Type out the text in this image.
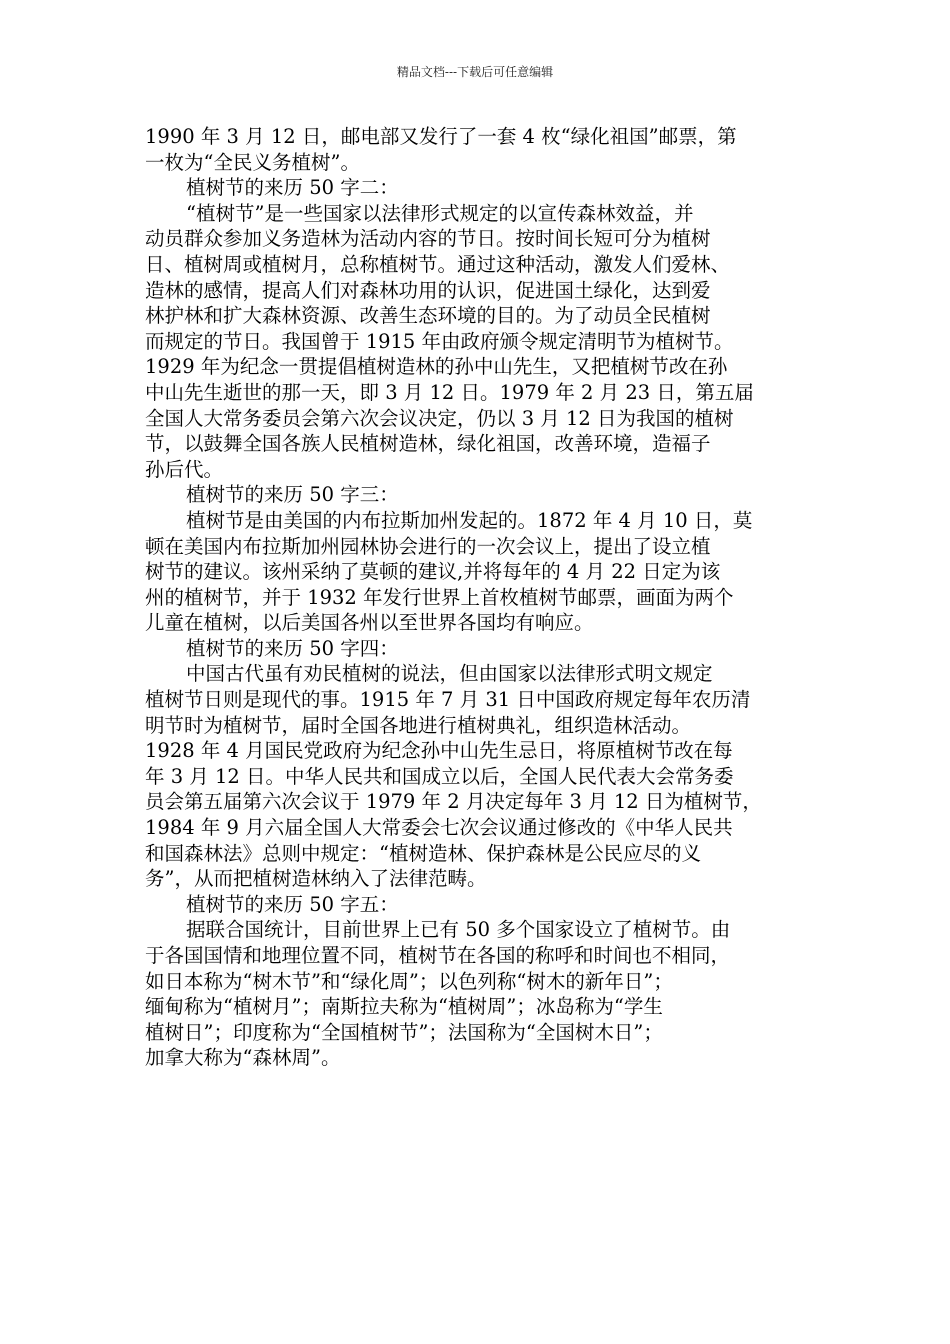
精品文档---下载后可任意编辑
1990 年 3 月 12 日，邮电部又发行了一套 4 枚“绿化祖国”邮票，第
一枚为“全民义务植树”。
植树节的来历 50 字二：
“植树节”是一些国家以法律形式规定的以宣传森林效益，并
动员群众参加义务造林为活动内容的节日。按时间长短可分为植树
日、植树周或植树月，总称植树节。通过这种活动，激发人们爱林、
造林的感情，提高人们对森林功用的认识，促进国土绿化，达到爱
林护林和扩大森林资源、改善生态环境的目的。为了动员全民植树
而规定的节日。我国曾于 1915 年由政府颁令规定清明节为植树节。
1929 年为纪念一贯提倡植树造林的孙中山先生，又把植树节改在孙
中山先生逝世的那一天，即 3 月 12 日。1979 年 2 月 23 日，第五届
全国人大常务委员会第六次会议决定，仍以 3 月 12 日为我国的植树
节，以鼓舞全国各族人民植树造林，绿化祖国，改善环境，造福子
孙后代。
植树节的来历 50 字三：
植树节是由美国的内布拉斯加州发起的。1872 年 4 月 10 日，莫
顿在美国内布拉斯加州园林协会进行的一次会议上，提出了设立植
树节的建议。该州采纳了莫顿的建议,并将每年的 4 月 22 日定为该
州的植树节，并于 1932 年发行世界上首枚植树节邮票，画面为两个
儿童在植树，以后美国各州以至世界各国均有响应。
植树节的来历 50 字四：
中国古代虽有劝民植树的说法，但由国家以法律形式明文规定
植树节日则是现代的事。1915 年 7 月 31 日中国政府规定每年农历清
明节时为植树节，届时全国各地进行植树典礼，组织造林活动。
1928 年 4 月国民党政府为纪念孙中山先生忌日，将原植树节改在每
年 3 月 12 日。中华人民共和国成立以后，全国人民代表大会常务委
员会第五届第六次会议于 1979 年 2 月决定每年 3 月 12 日为植树节，
1984 年 9 月六届全国人大常委会七次会议通过修改的《中华人民共
和国森林法》总则中规定：“植树造林、保护森林是公民应尽的义
务”，从而把植树造林纳入了法律范畴。
植树节的来历 50 字五：
据联合国统计，目前世界上已有 50 多个国家设立了植树节。由
于各国国情和地理位置不同，植树节在各国的称呼和时间也不相同，
如日本称为“树木节”和“绿化周”；以色列称“树木的新年日”；
缅甸称为“植树月”；南斯拉夫称为“植树周”；冰岛称为“学生
植树日”；印度称为“全国植树节”；法国称为“全国树木日”；
加拿大称为“森林周”。
